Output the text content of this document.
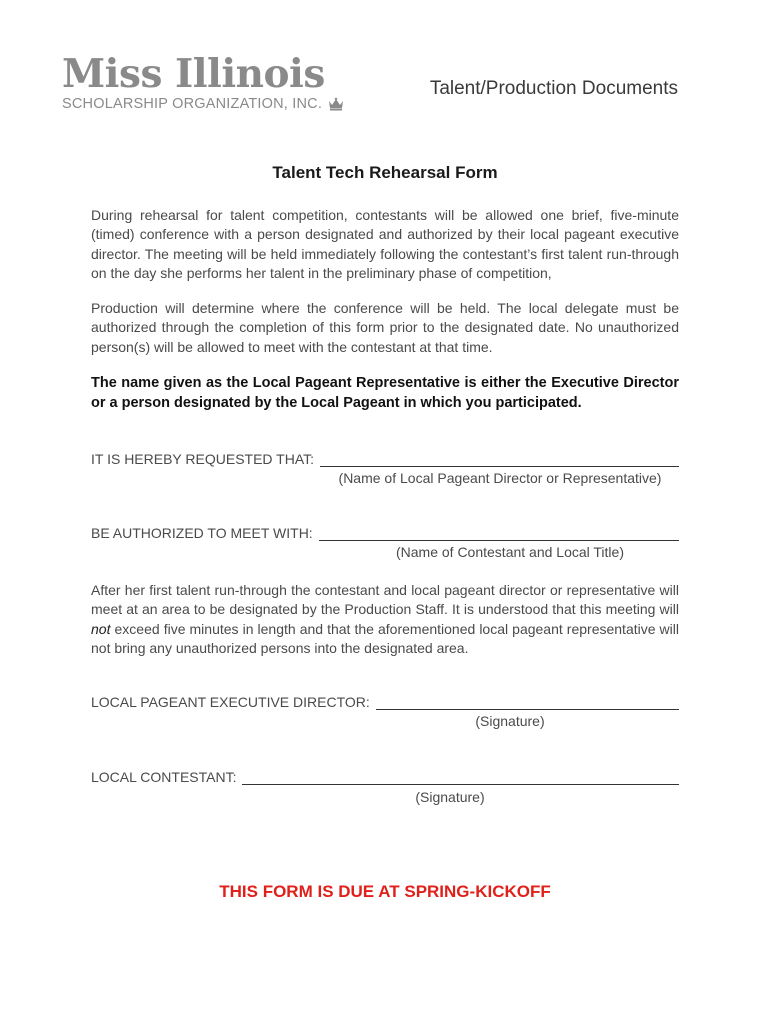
Miss Illinois
SCHOLARSHIP ORGANIZATION, INC.
Talent/Production Documents
Talent Tech Rehearsal Form
During rehearsal for talent competition, contestants will be allowed one brief, five-minute (timed) conference with a person designated and authorized by their local pageant executive director. The meeting will be held immediately following the contestant’s first talent run-through on the day she performs her talent in the preliminary phase of competition,
Production will determine where the conference will be held. The local delegate must be authorized through the completion of this form prior to the designated date. No unauthorized person(s) will be allowed to meet with the contestant at that time.
The name given as the Local Pageant Representative is either the Executive Director or a person designated by the Local Pageant in which you participated.
IT IS HEREBY REQUESTED THAT:
(Name of Local Pageant Director or Representative)
BE AUTHORIZED TO MEET WITH:
(Name of Contestant and Local Title)
After her first talent run-through the contestant and local pageant director or representative will meet at an area to be designated by the Production Staff. It is understood that this meeting will not exceed five minutes in length and that the aforementioned local pageant representative will not bring any unauthorized persons into the designated area.
LOCAL PAGEANT EXECUTIVE DIRECTOR:
(Signature)
LOCAL CONTESTANT:
(Signature)
THIS FORM IS DUE AT SPRING-KICKOFF
